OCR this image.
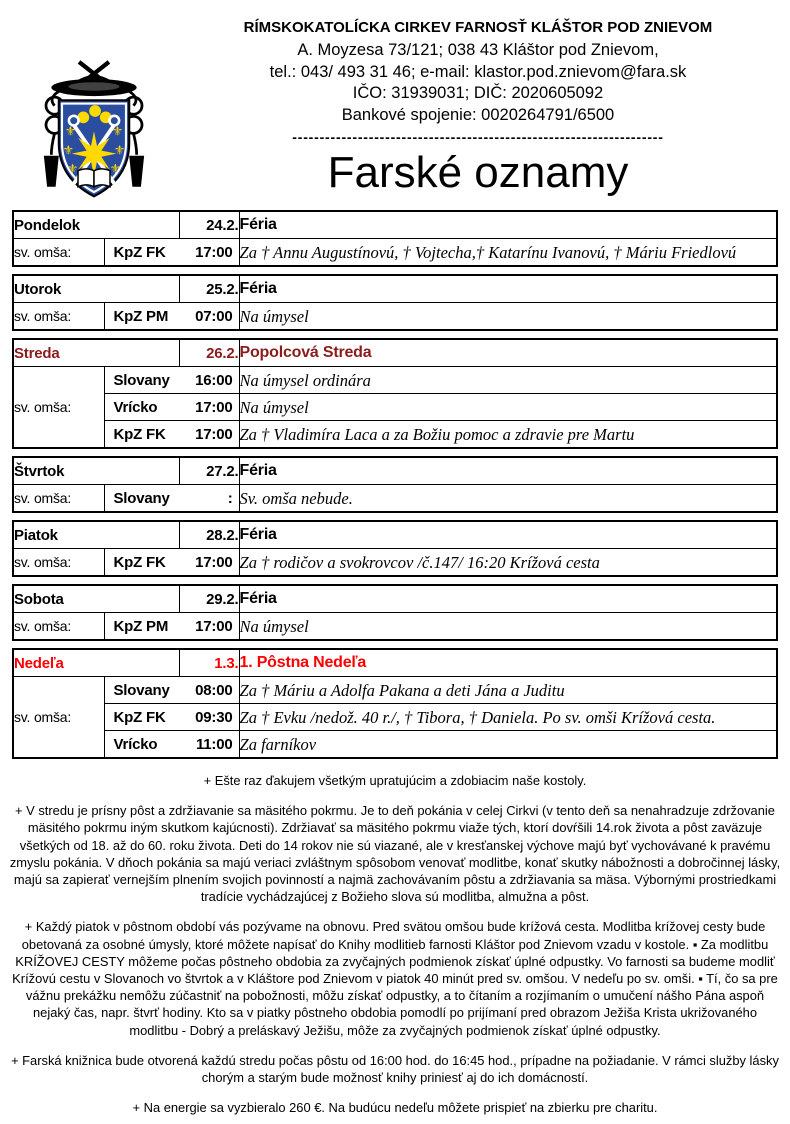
⚜
⚜
⚜
⚜
⚜
⚜
RÍMSKOKATOLÍCKA CIRKEV FARNOSŤ KLÁŠTOR POD ZNIEVOM
A. Moyzesa 73/121; 038 43 Kláštor pod Znievom,
tel.: 043/ 493 31 46; e-mail: klastor.pod.znievom@fara.sk
IČO: 31939031; DIČ: 2020605092
Bankové spojenie: 0020264791/6500
--------------------------------------------------------------------
Farské oznamy
Pondelok		24.2.	Féria
sv. omša:	KpZ FK 17:00		Za † Annu Augustínovú, † Vojtecha,† Katarínu Ivanovú, † Máriu Friedlovú
Utorok		25.2.	Féria
sv. omša:	KpZ PM 07:00		Na úmysel
Streda		26.2.	Popolcová Streda
sv. omša:	Slovany 16:00		Na úmysel ordinára

	Vrícko 17:00		Na úmysel

	KpZ FK 17:00		Za † Vladimíra Laca a za Božiu pomoc a zdravie pre Martu
Štvrtok		27.2.	Féria
sv. omša:	Slovany :		Sv. omša nebude.
Piatok		28.2.	Féria
sv. omša:	KpZ FK 17:00		Za † rodičov a svokrovcov /č.147/ 16:20 Krížová cesta
Sobota		29.2.	Féria
sv. omša:	KpZ PM 17:00		Na úmysel
Nedeľa		1.3.	1. Pôstna Nedeľa
sv. omša:	Slovany 08:00		Za † Máriu a Adolfa Pakana a deti Jána a Juditu

	KpZ FK 09:30		Za † Evku /nedož. 40 r./, † Tibora, † Daniela. Po sv. omši Krížová cesta.

	Vrícko 11:00		Za farníkov

+ Ešte raz ďakujem všetkým upratujúcim a zdobiacim naše kostoly.

+ V stredu je prísny pôst a zdržiavanie sa mäsitého pokrmu. Je to deň pokánia v celej Cirkvi (v tento deň sa nenahradzuje zdržovanie mäsitého pokrmu iným skutkom kajúcnosti). Zdržiavať sa mäsitého pokrmu viaže tých, ktorí dovŕšili 14.rok života a pôst zaväzuje všetkých od 18. až do 60. roku života. Deti do 14 rokov nie sú viazané, ale v kresťanskej výchove majú byť vychovávané k pravému zmyslu pokánia. V dňoch pokánia sa majú veriaci zvláštnym spôsobom venovať modlitbe, konať skutky nábožnosti a dobročinnej lásky, majú sa zapierať vernejším plnením svojich povinností a najmä zachovávaním pôstu a zdržiavania sa mäsa. Výbornými prostriedkami tradície vychádzajúcej z Božieho slova sú modlitba, almužna a pôst.

+ Každý piatok v pôstnom období vás pozývame na obnovu. Pred svätou omšou bude krížová cesta. Modlitba krížovej cesty bude obetovaná za osobné úmysly, ktoré môžete napísať do Knihy modlitieb farnosti Kláštor pod Znievom vzadu v kostole. ▪ Za modlitbu KRÍŽOVEJ CESTY môžeme počas pôstneho obdobia za zvyčajných podmienok získať úplné odpustky. Vo farnosti sa budeme modliť Krížovú cestu v Slovanoch vo štvrtok a v Kláštore pod Znievom v piatok 40 minút pred sv. omšou. V nedeľu po sv. omši. ▪ Tí, čo sa pre vážnu prekážku nemôžu zúčastniť na pobožnosti, môžu získať odpustky, a to čítaním a rozjímaním o umučení nášho Pána aspoň nejaký čas, napr. štvrť hodiny. Kto sa v piatky pôstneho obdobia pomodlí po prijímaní pred obrazom Ježiša Krista ukrižovaného modlitbu - Dobrý a preláskavý Ježišu, môže za zvyčajných podmienok získať úplné odpustky.

+ Farská knižnica bude otvorená každú stredu počas pôstu od 16:00 hod. do 16:45 hod., prípadne na požiadanie. V rámci služby lásky chorým a starým bude možnosť knihy priniesť aj do ich domácností.

+ Na energie sa vyzbieralo 260 €. Na budúcu nedeľu môžete prispieť na zbierku pre charitu.
